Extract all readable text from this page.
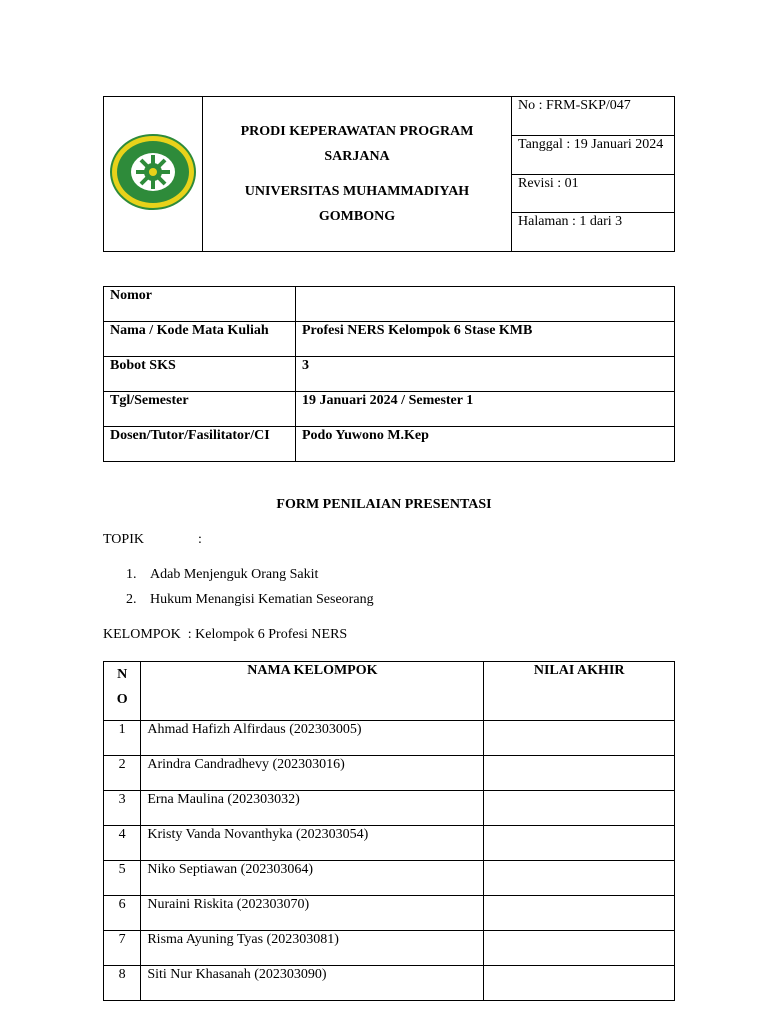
PRODI KEPERAWATAN PROGRAM SARJANA
UNIVERSITAS MUHAMMADIYAH GOMBONG
	No : FRM-SKP/047
Tanggal : 19 Januari 2024
Revisi : 01
Halaman : 1 dari 3
Nomor	
Nama / Kode Mata Kuliah	Profesi NERS Kelompok 6 Stase KMB
Bobot SKS	3
Tgl/Semester	19 Januari 2024 / Semester 1
Dosen/Tutor/Fasilitator/CI	Podo Yuwono M.Kep
FORM PENILAIAN PRESENTASI
TOPIK	:
1. Adab Menjenguk Orang Sakit
2. Hukum Menangisi Kematian Seseorang
KELOMPOK  : Kelompok 6 Profesi NERS
N
O	NAMA KELOMPOK	NILAI AKHIR
1	Ahmad Hafizh Alfirdaus (202303005)	
2	Arindra Candradhevy (202303016)	
3	Erna Maulina (202303032)	
4	Kristy Vanda Novanthyka (202303054)	
5	Niko Septiawan (202303064)	
6	Nuraini Riskita (202303070)	
7	Risma Ayuning Tyas (202303081)	
8	Siti Nur Khasanah (202303090)	
